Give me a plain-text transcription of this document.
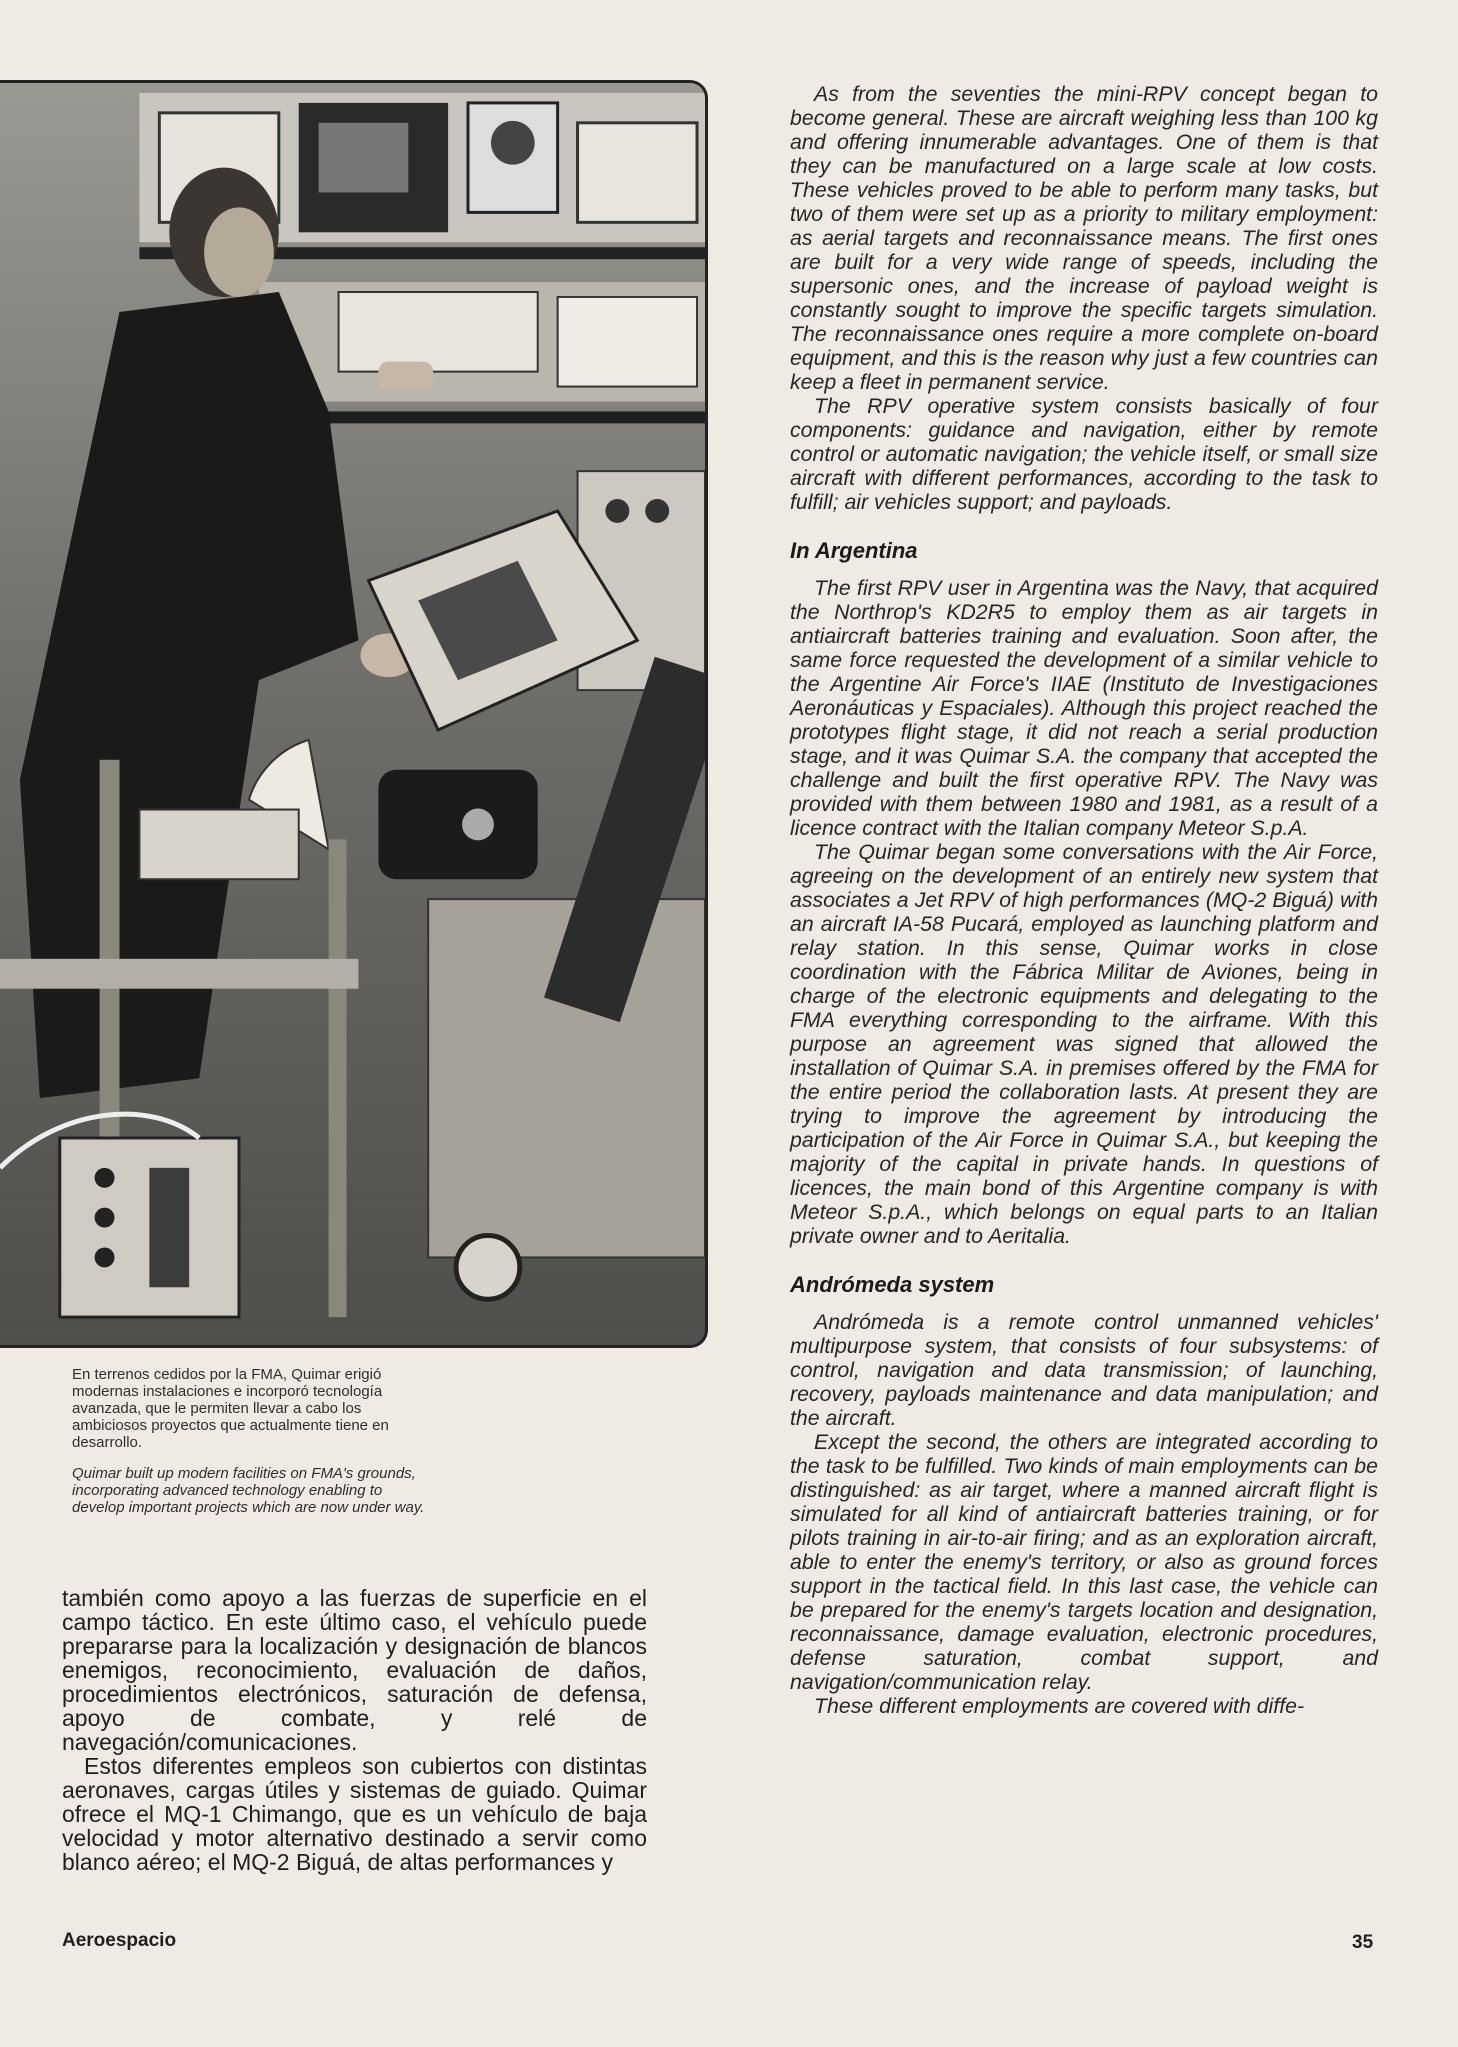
En terrenos cedidos por la FMA, Quimar erigió modernas instalaciones e incorporó tecnología avanzada, que le permiten llevar a cabo los ambiciosos proyectos que actualmente tiene en desarrollo.

Quimar built up modern facilities on FMA's grounds, incorporating advanced technology enabling to develop important projects which are now under way.

también como apoyo a las fuerzas de superficie en el campo táctico. En este último caso, el vehículo puede prepararse para la localización y designación de blancos enemigos, reconocimiento, evaluación de daños, procedimientos electrónicos, saturación de defensa, apoyo de combate, y relé de navegación/comunicaciones.

Estos diferentes empleos son cubiertos con distintas aeronaves, cargas útiles y sistemas de guiado. Quimar ofrece el MQ-1 Chimango, que es un vehículo de baja velocidad y motor alternativo destinado a servir como blanco aéreo; el MQ-2 Biguá, de altas performances y

As from the seventies the mini-RPV concept began to become general. These are aircraft weighing less than 100 kg and offering innumerable advantages. One of them is that they can be manufactured on a large scale at low costs. These vehicles proved to be able to perform many tasks, but two of them were set up as a priority to military employment: as aerial targets and reconnaissance means. The first ones are built for a very wide range of speeds, including the supersonic ones, and the increase of payload weight is constantly sought to improve the specific targets simulation. The reconnaissance ones require a more complete on-board equipment, and this is the reason why just a few countries can keep a fleet in permanent service.

The RPV operative system consists basically of four components: guidance and navigation, either by remote control or automatic navigation; the vehicle itself, or small size aircraft with different performances, according to the task to fulfill; air vehicles support; and payloads.

In Argentina

The first RPV user in Argentina was the Navy, that acquired the Northrop's KD2R5 to employ them as air targets in antiaircraft batteries training and evaluation. Soon after, the same force requested the development of a similar vehicle to the Argentine Air Force's IIAE (Instituto de Investigaciones Aeronáuticas y Espaciales). Although this project reached the prototypes flight stage, it did not reach a serial production stage, and it was Quimar S.A. the company that accepted the challenge and built the first operative RPV. The Navy was provided with them between 1980 and 1981, as a result of a licence contract with the Italian company Meteor S.p.A.

The Quimar began some conversations with the Air Force, agreeing on the development of an entirely new system that associates a Jet RPV of high performances (MQ-2 Biguá) with an aircraft IA-58 Pucará, employed as launching platform and relay station. In this sense, Quimar works in close coordination with the Fábrica Militar de Aviones, being in charge of the electronic equipments and delegating to the FMA everything corresponding to the airframe. With this purpose an agreement was signed that allowed the installation of Quimar S.A. in premises offered by the FMA for the entire period the collaboration lasts. At present they are trying to improve the agreement by introducing the participation of the Air Force in Quimar S.A., but keeping the majority of the capital in private hands. In questions of licences, the main bond of this Argentine company is with Meteor S.p.A., which belongs on equal parts to an Italian private owner and to Aeritalia.

Andrómeda system

Andrómeda is a remote control unmanned vehicles' multipurpose system, that consists of four subsystems: of control, navigation and data transmission; of launching, recovery, payloads maintenance and data manipulation; and the aircraft.

Except the second, the others are integrated according to the task to be fulfilled. Two kinds of main employments can be distinguished: as air target, where a manned aircraft flight is simulated for all kind of antiaircraft batteries training, or for pilots training in air-to-air firing; and as an exploration aircraft, able to enter the enemy's territory, or also as ground forces support in the tactical field. In this last case, the vehicle can be prepared for the enemy's targets location and designation, reconnaissance, damage evaluation, electronic procedures, defense saturation, combat support, and navigation/communication relay.

These different employments are covered with diffe-

Aeroespacio	35
